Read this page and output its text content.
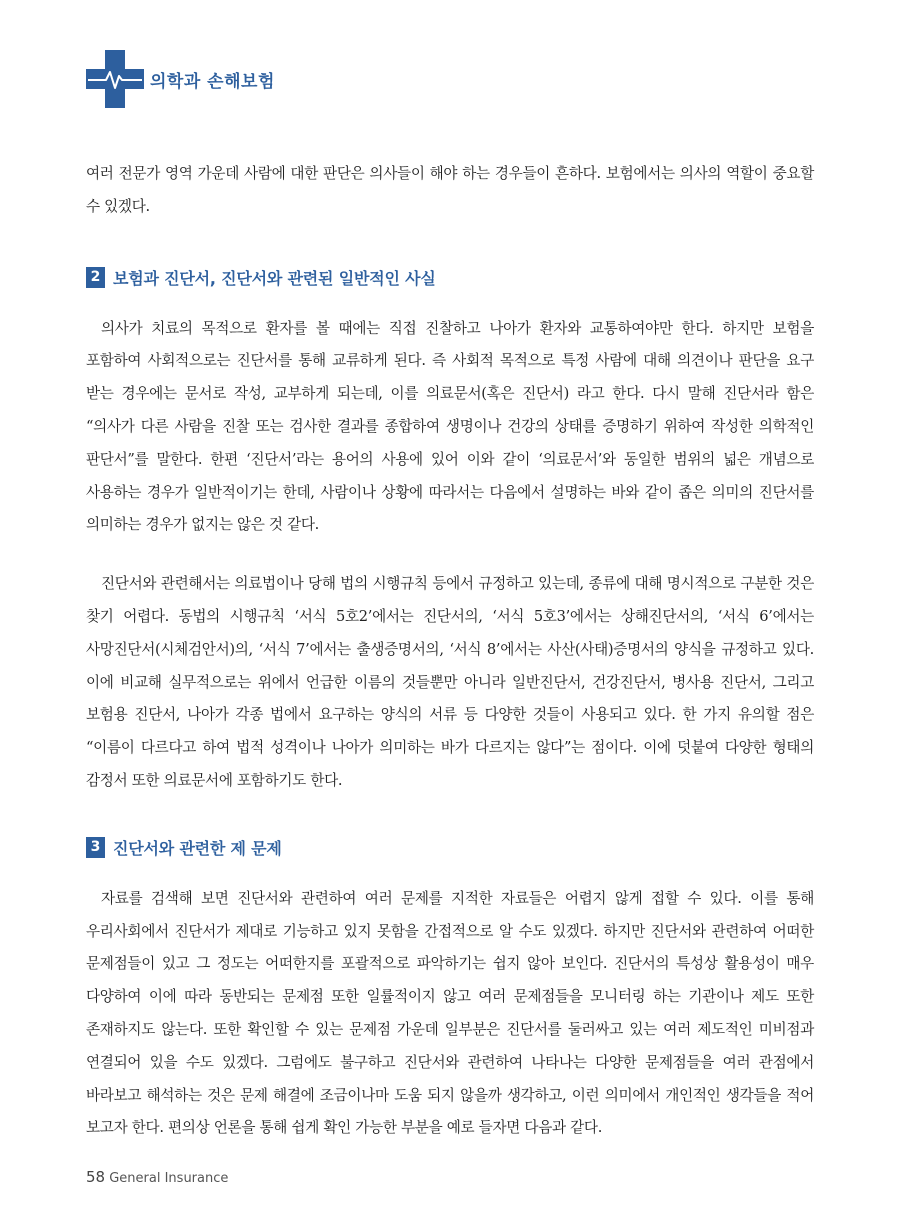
의학과 손해보험

여러 전문가 영역 가운데 사람에 대한 판단은 의사들이 해야 하는 경우들이 흔하다. 보험에서는 의사의 역할이 중요할 수 있겠다.

2 보험과 진단서, 진단서와 관련된 일반적인 사실

의사가 치료의 목적으로 환자를 볼 때에는 직접 진찰하고 나아가 환자와 교통하여야만 한다. 하지만 보험을 포함하여 사회적으로는 진단서를 통해 교류하게 된다. 즉 사회적 목적으로 특정 사람에 대해 의견이나 판단을 요구 받는 경우에는 문서로 작성, 교부하게 되는데, 이를 의료문서(혹은 진단서) 라고 한다. 다시 말해 진단서라 함은 “의사가 다른 사람을 진찰 또는 검사한 결과를 종합하여 생명이나 건강의 상태를 증명하기 위하여 작성한 의학적인 판단서”를 말한다. 한편 ‘진단서’라는 용어의 사용에 있어 이와 같이 ‘의료문서’와 동일한 범위의 넓은 개념으로 사용하는 경우가 일반적이기는 한데, 사람이나 상황에 따라서는 다음에서 설명하는 바와 같이 좁은 의미의 진단서를 의미하는 경우가 없지는 않은 것 같다.

진단서와 관련해서는 의료법이나 당해 법의 시행규칙 등에서 규정하고 있는데, 종류에 대해 명시적으로 구분한 것은 찾기 어렵다. 동법의 시행규칙 ‘서식 5호2’에서는 진단서의, ‘서식 5호3’에서는 상해진단서의, ‘서식 6’에서는 사망진단서(시체검안서)의, ‘서식 7’에서는 출생증명서의, ‘서식 8’에서는 사산(사태)증명서의 양식을 규정하고 있다. 이에 비교해 실무적으로는 위에서 언급한 이름의 것들뿐만 아니라 일반진단서, 건강진단서, 병사용 진단서, 그리고 보험용 진단서, 나아가 각종 법에서 요구하는 양식의 서류 등 다양한 것들이 사용되고 있다. 한 가지 유의할 점은 “이름이 다르다고 하여 법적 성격이나 나아가 의미하는 바가 다르지는 않다”는 점이다. 이에 덧붙여 다양한 형태의 감정서 또한 의료문서에 포함하기도 한다.

3 진단서와 관련한 제 문제

자료를 검색해 보면 진단서와 관련하여 여러 문제를 지적한 자료들은 어렵지 않게 접할 수 있다. 이를 통해 우리사회에서 진단서가 제대로 기능하고 있지 못함을 간접적으로 알 수도 있겠다. 하지만 진단서와 관련하여 어떠한 문제점들이 있고 그 정도는 어떠한지를 포괄적으로 파악하기는 쉽지 않아 보인다. 진단서의 특성상 활용성이 매우 다양하여 이에 따라 동반되는 문제점 또한 일률적이지 않고 여러 문제점들을 모니터링 하는 기관이나 제도 또한 존재하지도 않는다. 또한 확인할 수 있는 문제점 가운데 일부분은 진단서를 둘러싸고 있는 여러 제도적인 미비점과 연결되어 있을 수도 있겠다. 그럼에도 불구하고 진단서와 관련하여 나타나는 다양한 문제점들을 여러 관점에서 바라보고 해석하는 것은 문제 해결에 조금이나마 도움 되지 않을까 생각하고, 이런 의미에서 개인적인 생각들을 적어 보고자 한다. 편의상 언론을 통해 쉽게 확인 가능한 부분을 예로 들자면 다음과 같다.

58 General Insurance
